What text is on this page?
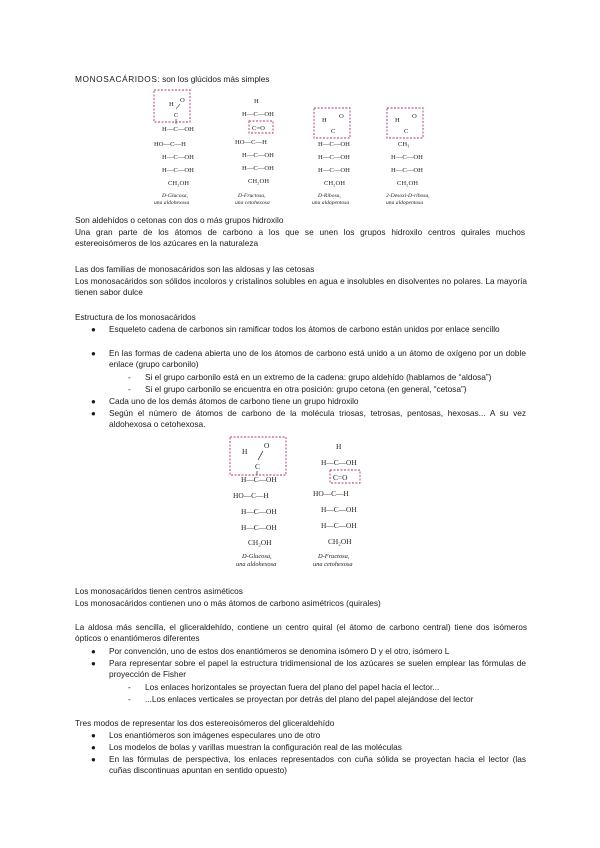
MONOSACÁRIDOS: son los glúcidos más simples
H
O
C
H—C—OH
HO—C—H
H—C—OH
H—C—OH
CH₂OH
D-Glucosa,
una aldohexosa
H
H—C—OH
C=O
HO—C—H
H—C—OH
H—C—OH
CH₂OH
D-Fructosa,
una cetohexosa
H
O
C
H—C—OH
H—C—OH
H—C—OH
CH₂OH
D-Ribosa,
una aldopentosa
H
O
C
CH₃
H—C—OH
H—C—OH
CH₂OH
2-Desoxi-D-ribosa,
una aldopentosa
Son aldehídos o cetonas con dos o más grupos hidroxilo
Una gran parte de los átomos de carbono a los que se unen los grupos hidroxilo centros quirales muchos estereoisómeros de los azúcares en la naturaleza
Las dos familias de monosacáridos son las aldosas y las cetosas
Los monosacáridos son sólidos incoloros y cristalinos solubles en agua e insolubles en disolventes no polares. La mayoría tienen sabor dulce
Estructura de los monosacáridos
● Esqueleto cadena de carbonos sin ramificar todos los átomos de carbono están unidos por enlace sencillo
● En las formas de cadena abierta uno de los átomos de carbono está unido a un átomo de oxígeno por un doble enlace (grupo carbonilo)
- Si el grupo carbonilo está en un extremo de la cadena: grupo aldehído (hablamos de “aldosa”)
- Si el grupo carbonilo se encuentra en otra posición: grupo cetona (en general, “cetosa”)
● Cada uno de los demás átomos de carbono tiene un grupo hidroxilo
● Según el número de átomos de carbono de la molécula triosas, tetrosas, pentosas, hexosas... A su vez aldohexosa o cetohexosa.
H
O
C
H—C—OH
HO—C—H
H—C—OH
H—C—OH
CH₂OH
D-Glucosa,
una aldohexosa
H
H—C—OH
C=O
HO—C—H
H—C—OH
H—C—OH
CH₂OH
D-Fructosa,
una cetohexosa
Los monosacáridos tienen centros asiméticos
Los monosacáridos contienen uno o más átomos de carbono asimétricos (quirales)
La aldosa más sencilla, el gliceraldehído, contiene un centro quiral (el átomo de carbono central) tiene dos isómeros ópticos o enantiómeros diferentes
● Por convención, uno de estos dos enantiómeros se denomina isómero D y el otro, isómero L
● Para representar sobre el papel la estructura tridimensional de los azúcares se suelen emplear las fórmulas de proyección de Fisher
- Los enlaces horizontales se proyectan fuera del plano del papel hacia el lector...
- ...Los enlaces verticales se proyectan por detrás del plano del papel alejándose del lector
Tres modos de representar los dos estereoisómeros del gliceraldehído
● Los enantiómeros son imágenes especulares uno de otro
● Los modelos de bolas y varillas muestran la configuración real de las moléculas
● En las fórmulas de perspectiva, los enlaces representados con cuña sólida se proyectan hacia el lector (las cuñas discontinuas apuntan en sentido opuesto)
